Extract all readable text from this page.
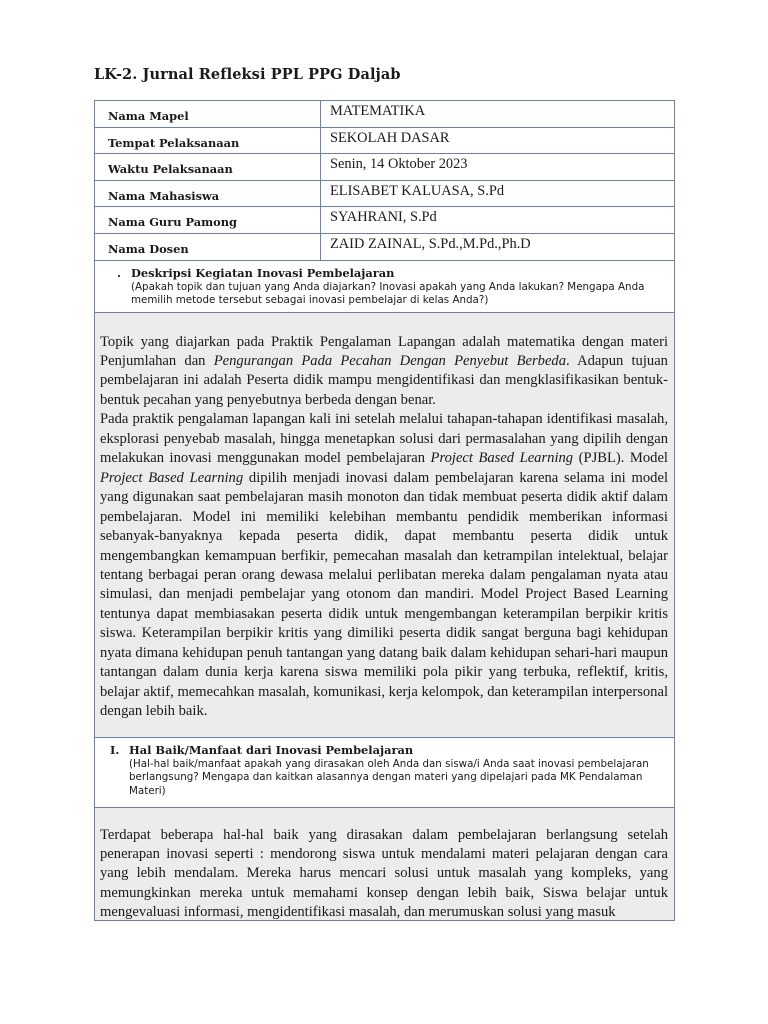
LK-2. Jurnal Refleksi PPL PPG Daljab
Nama Mapel	MATEMATIKA
Tempat Pelaksanaan	SEKOLAH DASAR
Waktu Pelaksanaan	Senin, 14 Oktober 2023
Nama Mahasiswa	ELISABET KALUASA, S.Pd
Nama Guru Pamong	SYAHRANI, S.Pd
Nama Dosen	ZAID ZAINAL, S.Pd.,M.Pd.,Ph.D
. Deskripsi Kegiatan Inovasi Pembelajaran
(Apakah topik dan tujuan yang Anda diajarkan? Inovasi apakah yang Anda lakukan? Mengapa Anda memilih metode tersebut sebagai inovasi pembelajar di kelas Anda?)

Topik yang diajarkan pada Praktik Pengalaman Lapangan adalah matematika dengan materi Penjumlahan dan Pengurangan Pada Pecahan Dengan Penyebut Berbeda. Adapun tujuan pembelajaran ini adalah Peserta didik mampu mengidentifikasi dan mengklasifikasikan bentuk-bentuk pecahan yang penyebutnya berbeda dengan benar.

Pada praktik pengalaman lapangan kali ini setelah melalui tahapan-tahapan identifikasi masalah, eksplorasi penyebab masalah, hingga menetapkan solusi dari permasalahan yang dipilih dengan melakukan inovasi menggunakan model pembelajaran Project Based Learning (PJBL). Model Project Based Learning dipilih menjadi inovasi dalam pembelajaran karena selama ini model yang digunakan saat pembelajaran masih monoton dan tidak membuat peserta didik aktif dalam pembelajaran. Model ini memiliki kelebihan membantu pendidik memberikan informasi sebanyak-banyaknya kepada peserta didik, dapat membantu peserta didik untuk mengembangkan kemampuan berfikir, pemecahan masalah dan ketrampilan intelektual, belajar tentang berbagai peran orang dewasa melalui perlibatan mereka dalam pengalaman nyata atau simulasi, dan menjadi pembelajar yang otonom dan mandiri. Model Project Based Learning tentunya dapat membiasakan peserta didik untuk mengembangan keterampilan berpikir kritis siswa. Keterampilan berpikir kritis yang dimiliki peserta didik sangat berguna bagi kehidupan nyata dimana kehidupan penuh tantangan yang datang baik dalam kehidupan sehari-hari maupun tantangan dalam dunia kerja karena siswa memiliki pola pikir yang terbuka, reflektif, kritis, belajar aktif, memecahkan masalah, komunikasi, kerja kelompok, dan keterampilan interpersonal dengan lebih baik.

I. Hal Baik/Manfaat dari Inovasi Pembelajaran
(Hal-hal baik/manfaat apakah yang dirasakan oleh Anda dan siswa/i Anda saat inovasi pembelajaran berlangsung? Mengapa dan kaitkan alasannya dengan materi yang dipelajari pada MK Pendalaman Materi)

Terdapat beberapa hal-hal baik yang dirasakan dalam pembelajaran berlangsung setelah penerapan inovasi seperti : mendorong siswa untuk mendalami materi pelajaran dengan cara yang lebih mendalam. Mereka harus mencari solusi untuk masalah yang kompleks, yang memungkinkan mereka untuk memahami konsep dengan lebih baik, Siswa belajar untuk mengevaluasi informasi, mengidentifikasi masalah, dan merumuskan solusi yang masuk
